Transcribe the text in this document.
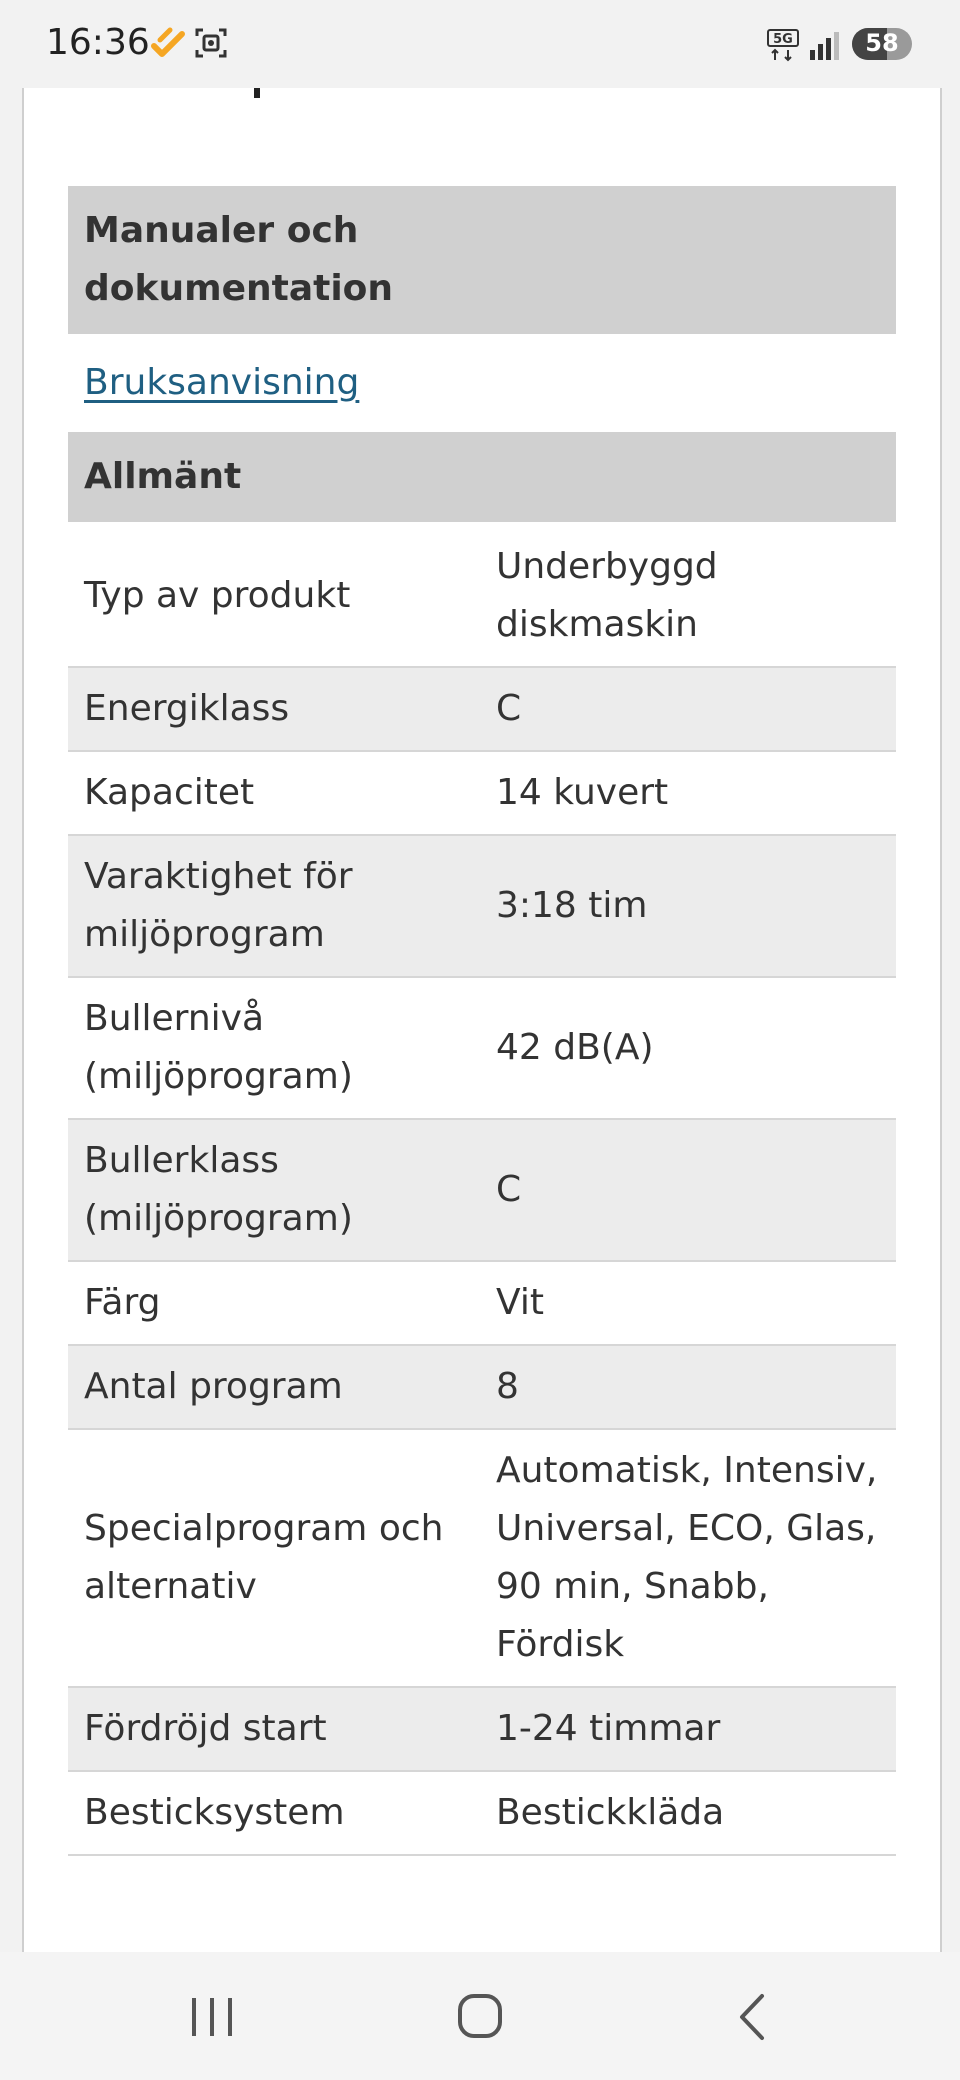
16:36	5G	58
Manualer och dokumentation	
Bruksanvisning	
Allmänt	
Typ av produkt	Underbyggd diskmaskin
Energiklass	C
Kapacitet	14 kuvert
Varaktighet för miljöprogram	3:18 tim
Bullernivå (miljöprogram)	42 dB(A)
Bullerklass (miljöprogram)	C
Färg	Vit
Antal program	8
Specialprogram och alternativ	Automatisk, Intensiv, Universal, ECO, Glas, 90 min, Snabb, Fördisk
Fördröjd start	1-24 timmar
Besticksystem	Bestickkläda
